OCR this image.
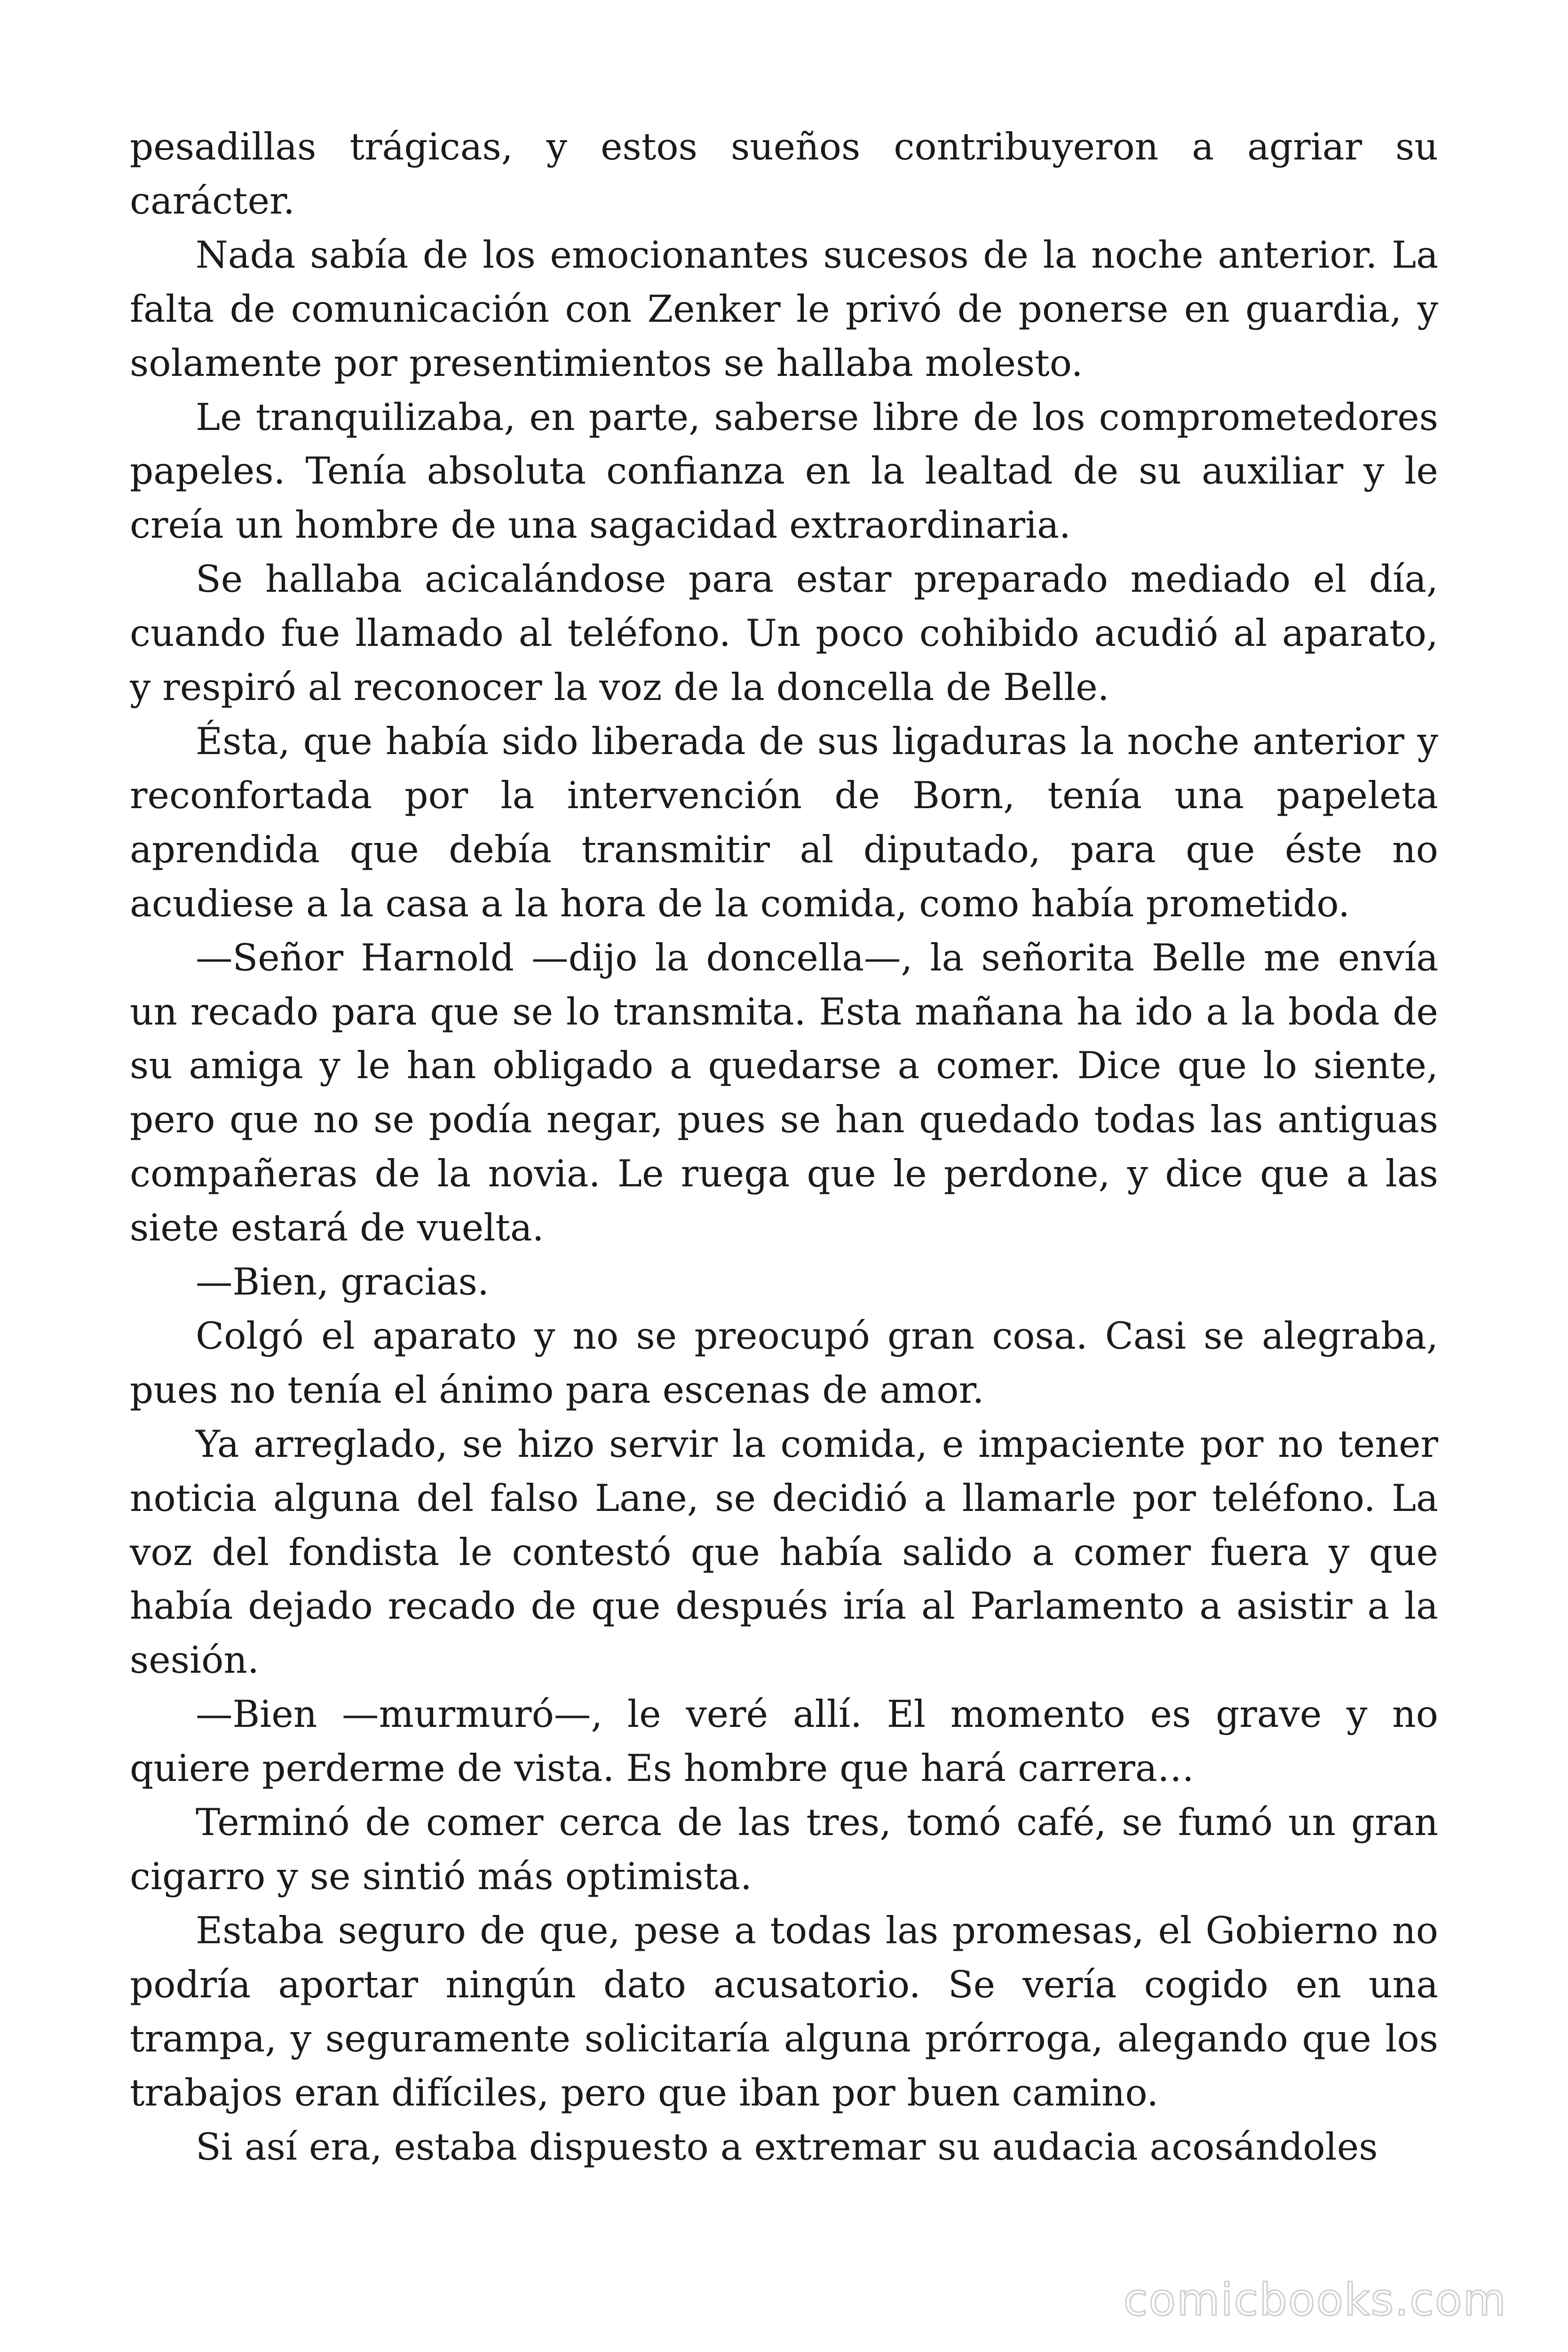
pesadillas trágicas, y estos sueños contribuyeron a agriar su carácter.

Nada sabía de los emocionantes sucesos de la noche anterior. La falta de comunicación con Zenker le privó de ponerse en guardia, y solamente por presentimientos se hallaba molesto.

Le tranquilizaba, en parte, saberse libre de los comprometedores papeles. Tenía absoluta confianza en la lealtad de su auxiliar y le creía un hombre de una sagacidad extraordinaria.

Se hallaba acicalándose para estar preparado mediado el día, cuando fue llamado al teléfono. Un poco cohibido acudió al aparato, y respiró al reconocer la voz de la doncella de Belle.

Ésta, que había sido liberada de sus ligaduras la noche anterior y reconfortada por la intervención de Born, tenía una papeleta aprendida que debía transmitir al diputado, para que éste no acudiese a la casa a la hora de la comida, como había prometido.

—Señor Harnold —dijo la doncella—, la señorita Belle me envía un recado para que se lo transmita. Esta mañana ha ido a la boda de su amiga y le han obligado a quedarse a comer. Dice que lo siente, pero que no se podía negar, pues se han quedado todas las antiguas compañeras de la novia. Le ruega que le perdone, y dice que a las siete estará de vuelta.

—Bien, gracias.

Colgó el aparato y no se preocupó gran cosa. Casi se alegraba, pues no tenía el ánimo para escenas de amor.

Ya arreglado, se hizo servir la comida, e impaciente por no tener noticia alguna del falso Lane, se decidió a llamarle por teléfono. La voz del fondista le contestó que había salido a comer fuera y que había dejado recado de que después iría al Parlamento a asistir a la sesión.

—Bien —murmuró—, le veré allí. El momento es grave y no quiere perderme de vista. Es hombre que hará carrera…

Terminó de comer cerca de las tres, tomó café, se fumó un gran cigarro y se sintió más optimista.

Estaba seguro de que, pese a todas las promesas, el Gobierno no podría aportar ningún dato acusatorio. Se vería cogido en una trampa, y seguramente solicitaría alguna prórroga, alegando que los trabajos eran difíciles, pero que iban por buen camino.

Si así era, estaba dispuesto a extremar su audacia acosándoles

comicbooks.com
